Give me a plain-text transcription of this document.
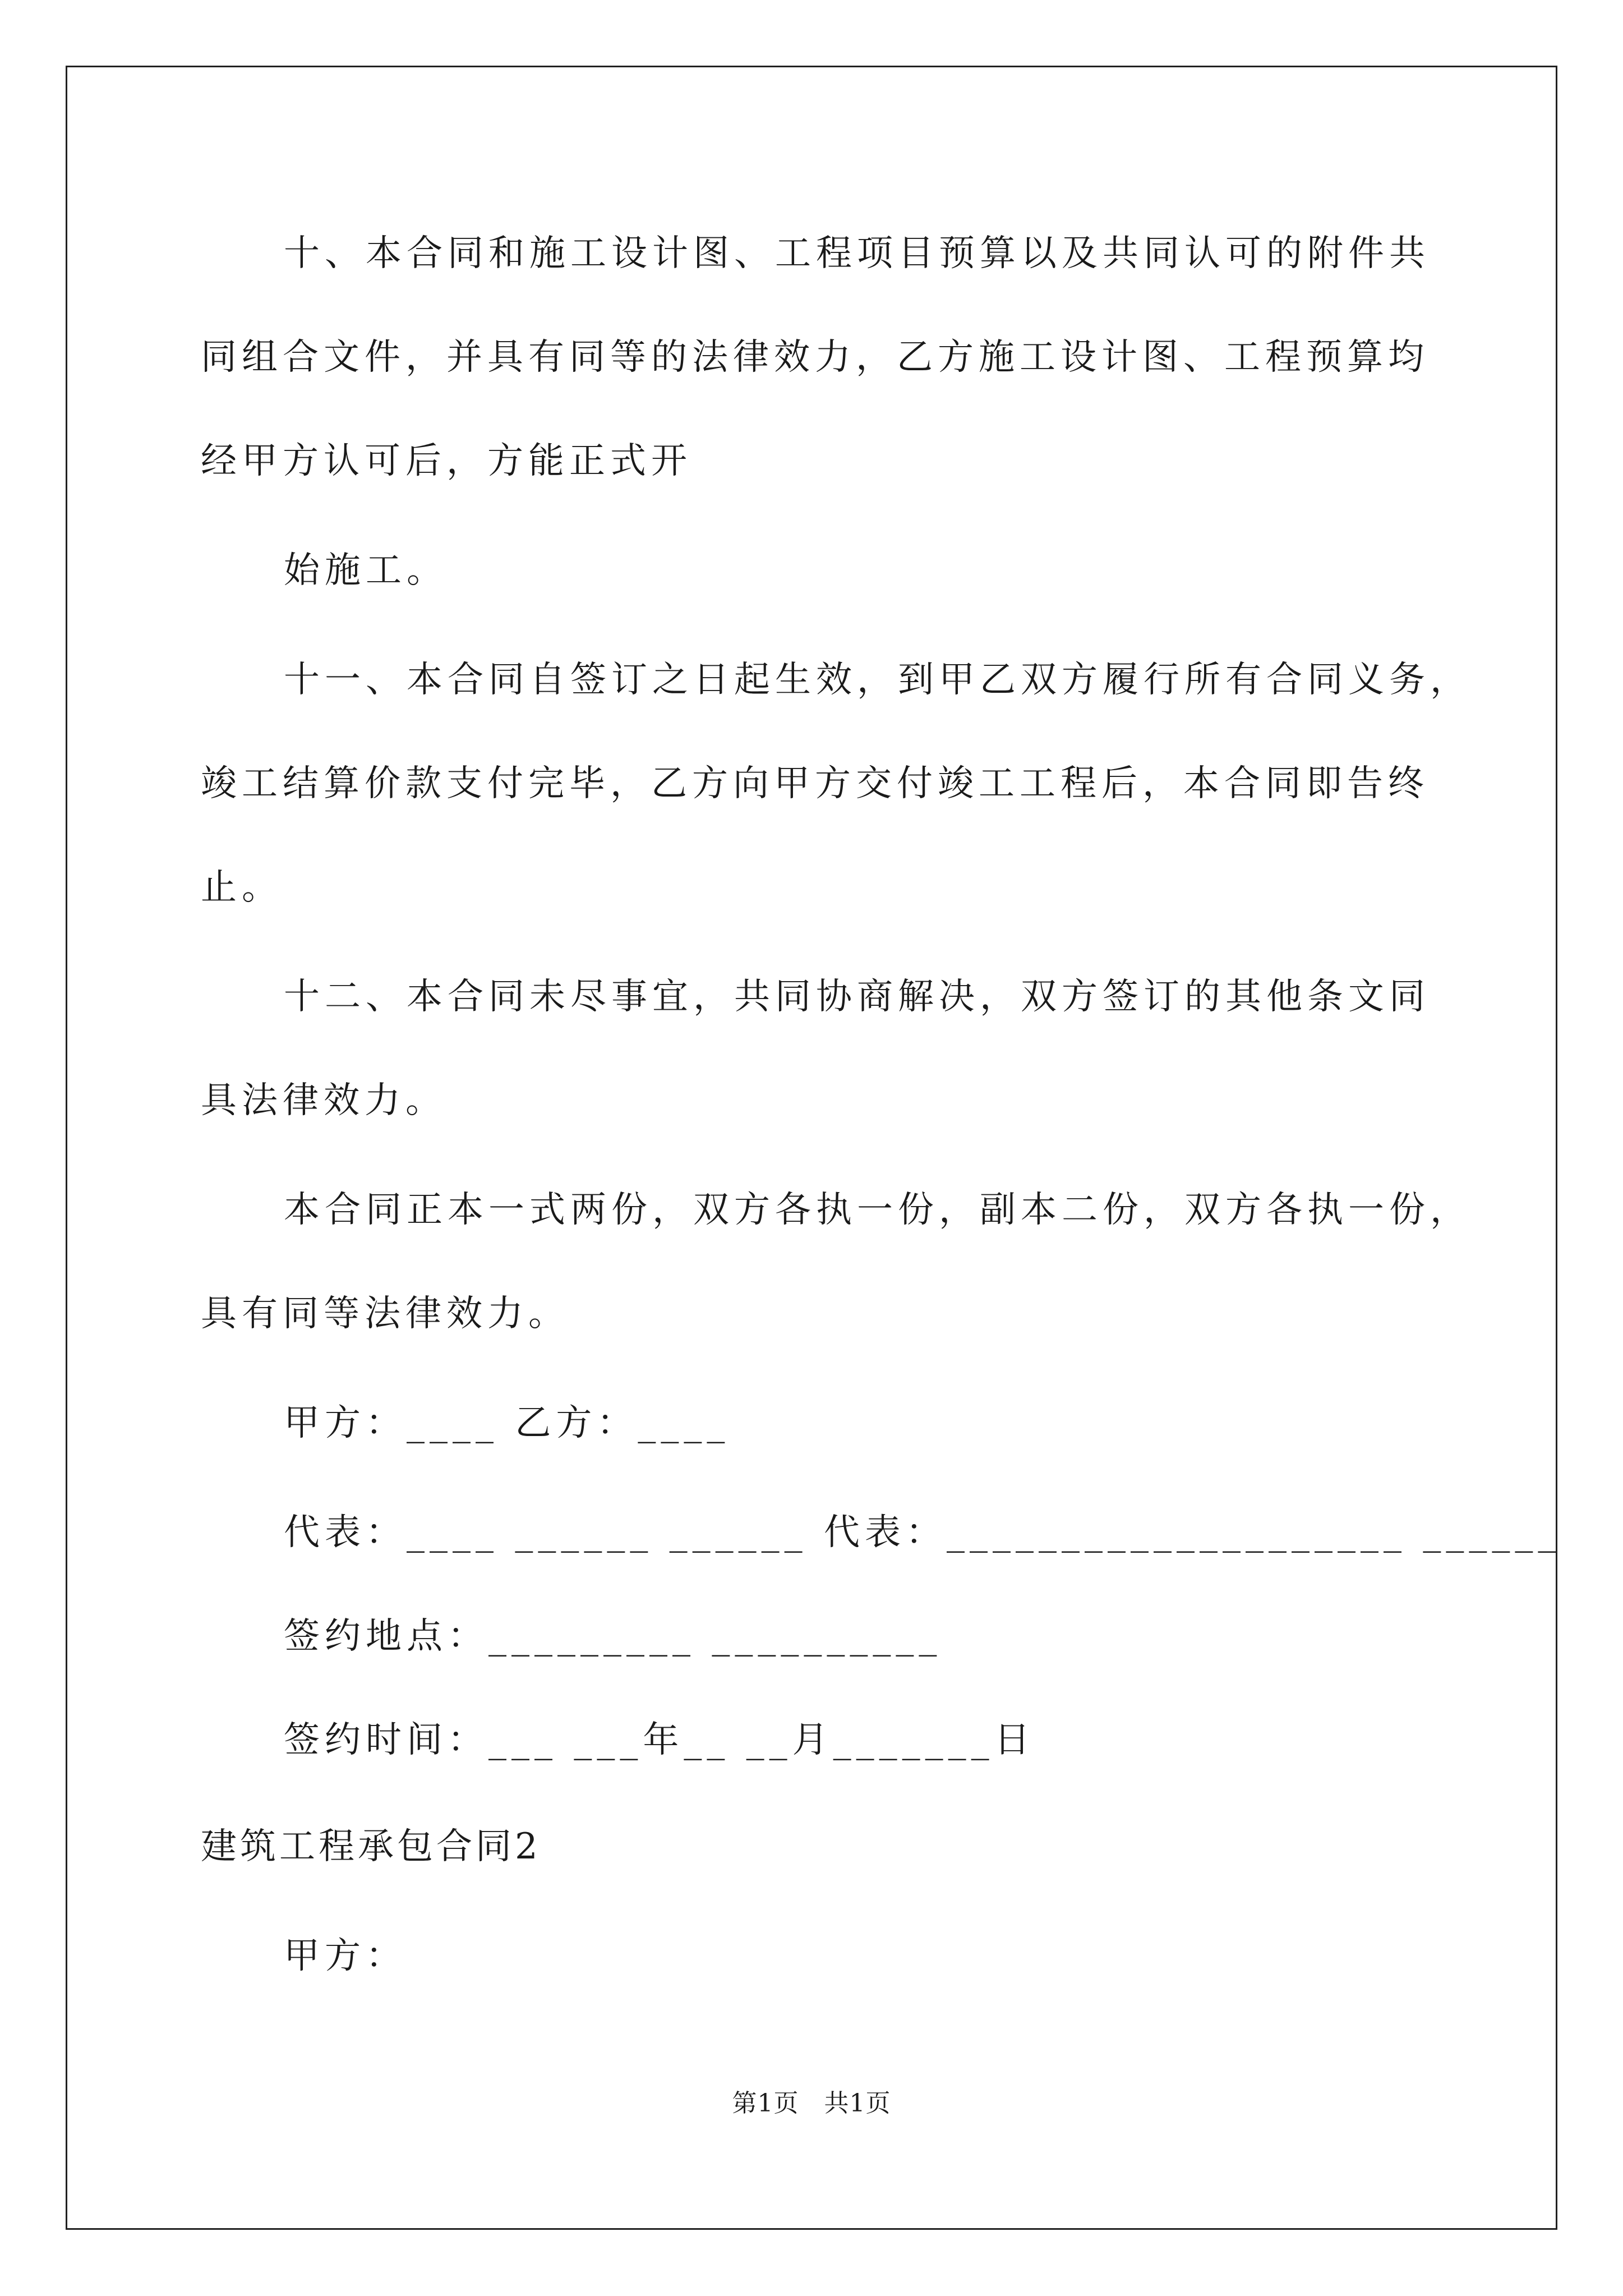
十、本合同和施工设计图、工程项目预算以及共同认可的附件共
同组合文件，并具有同等的法律效力，乙方施工设计图、工程预算均
经甲方认可后，方能正式开
始施工。
十一、本合同自签订之日起生效，到甲乙双方履行所有合同义务，
竣工结算价款支付完毕，乙方向甲方交付竣工工程后，本合同即告终
止。
十二、本合同未尽事宜，共同协商解决，双方签订的其他条文同
具法律效力。
本合同正本一式两份，双方各执一份，副本二份，双方各执一份，
具有同等法律效力。
甲方：____ 乙方：____
代表：____ ______ ______ 代表：____________________ ______
签约地点：_________ __________
签约时间：___ ___年__ __月_______日
建筑工程承包合同2
甲方：
第1页   共1页
